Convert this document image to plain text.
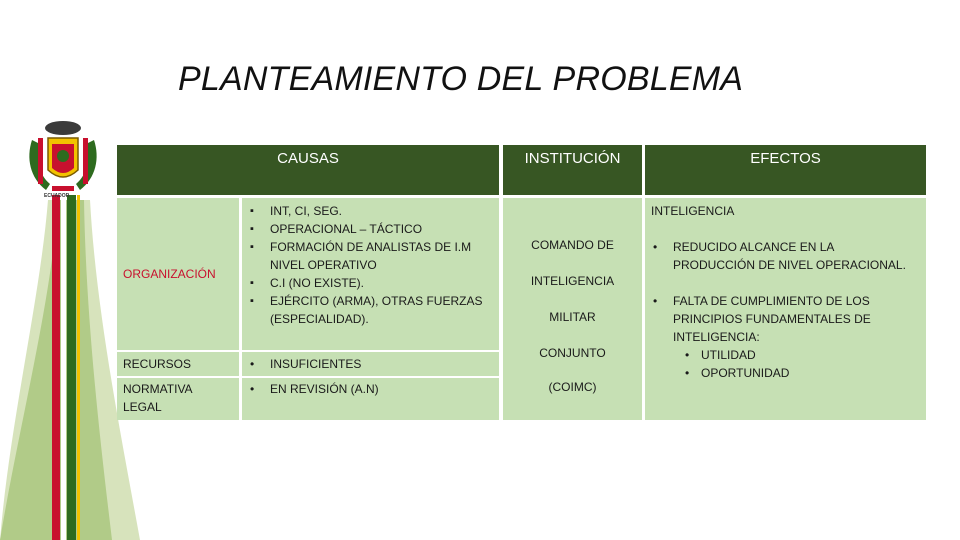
ECUADOR
PLANTEAMIENTO DEL PROBLEMA
CAUSAS	INSTITUCIÓN	EFECTOS
ORGANIZACIÓN
▪ INT, CI, SEG.
▪ OPERACIONAL – TÁCTICO
▪ FORMACIÓN DE ANALISTAS DE I.M NIVEL OPERATIVO
▪ C.I (NO EXISTE).
▪ EJÉRCITO (ARMA), OTRAS FUERZAS (ESPECIALIDAD).
RECURSOS
•	INSUFICIENTES
NORMATIVA LEGAL
• EN REVISIÓN (A.N)
COMANDO DE
INTELIGENCIA
MILITAR
CONJUNTO
(COIMC)
INTELIGENCIA
• REDUCIDO ALCANCE EN LA PRODUCCIÓN DE NIVEL OPERACIONAL.
• FALTA DE CUMPLIMIENTO DE LOS PRINCIPIOS FUNDAMENTALES DE INTELIGENCIA:
• UTILIDAD
• OPORTUNIDAD
